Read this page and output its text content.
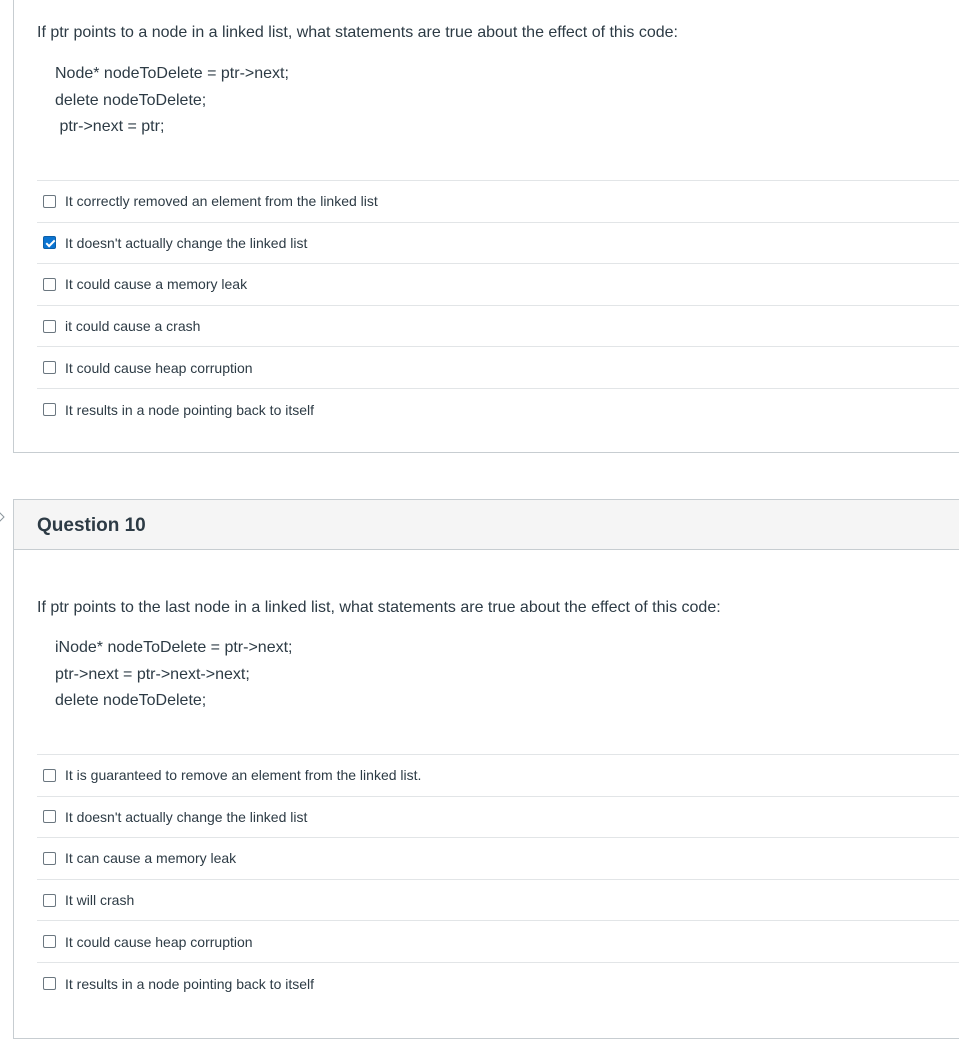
If ptr points to a node in a linked list, what statements are true about the effect of this code:
Node* nodeToDelete = ptr->next;
delete nodeToDelete;
ptr->next = ptr;
It correctly removed an element from the linked list
It doesn't actually change the linked list
It could cause a memory leak
it could cause a crash
It could cause heap corruption
It results in a node pointing back to itself
Question 10
If ptr points to the last node in a linked list, what statements are true about the effect of this code:
iNode* nodeToDelete = ptr->next;
ptr->next = ptr->next->next;
delete nodeToDelete;
It is guaranteed to remove an element from the linked list.
It doesn't actually change the linked list
It can cause a memory leak
It will crash
It could cause heap corruption
It results in a node pointing back to itself
